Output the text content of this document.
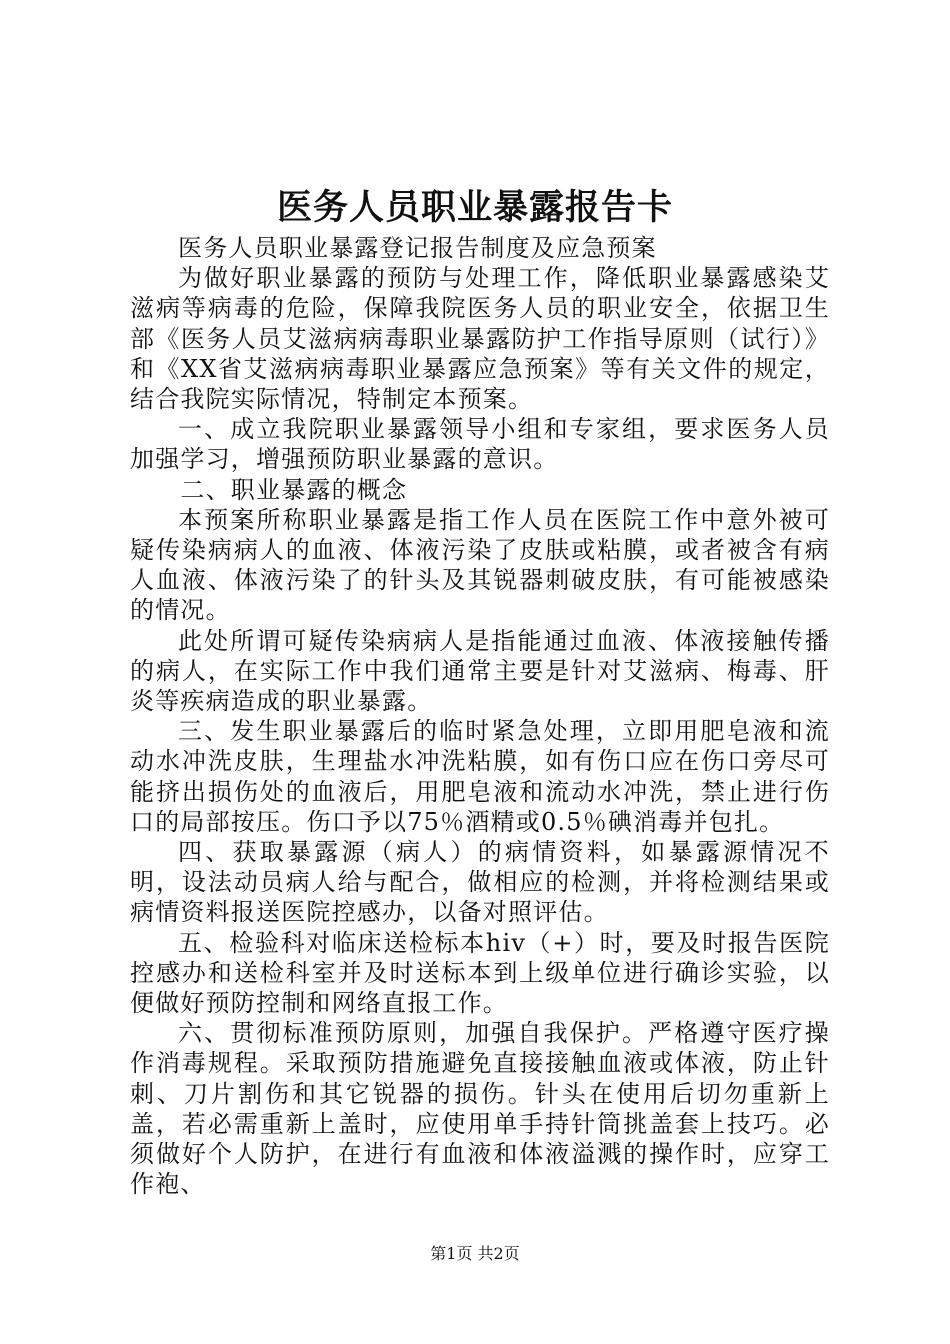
医务人员职业暴露报告卡

医务人员职业暴露登记报告制度及应急预案

为做好职业暴露的预防与处理工作，降低职业暴露感染艾滋病等病毒的危险，保障我院医务人员的职业安全，依据卫生部《医务人员艾滋病病毒职业暴露防护工作指导原则（试行）》和《XX省艾滋病病毒职业暴露应急预案》等有关文件的规定，结合我院实际情况，特制定本预案。

一、成立我院职业暴露领导小组和专家组，要求医务人员加强学习，增强预防职业暴露的意识。

二、职业暴露的概念

本预案所称职业暴露是指工作人员在医院工作中意外被可疑传染病病人的血液、体液污染了皮肤或粘膜，或者被含有病人血液、体液污染了的针头及其锐器刺破皮肤，有可能被感染的情况。

此处所谓可疑传染病病人是指能通过血液、体液接触传播的病人，在实际工作中我们通常主要是针对艾滋病、梅毒、肝炎等疾病造成的职业暴露。

三、发生职业暴露后的临时紧急处理，立即用肥皂液和流动水冲洗皮肤，生理盐水冲洗粘膜，如有伤口应在伤口旁尽可能挤出损伤处的血液后，用肥皂液和流动水冲洗，禁止进行伤口的局部按压。伤口予以75％酒精或0.5％碘消毒并包扎。

四、获取暴露源（病人）的病情资料，如暴露源情况不明，设法动员病人给与配合，做相应的检测，并将检测结果或病情资料报送医院控感办，以备对照评估。

五、检验科对临床送检标本hiv（+）时，要及时报告医院控感办和送检科室并及时送标本到上级单位进行确诊实验，以便做好预防控制和网络直报工作。

六、贯彻标准预防原则，加强自我保护。严格遵守医疗操作消毒规程。采取预防措施避免直接接触血液或体液，防止针刺、刀片割伤和其它锐器的损伤。针头在使用后切勿重新上盖，若必需重新上盖时，应使用单手持针筒挑盖套上技巧。必须做好个人防护，在进行有血液和体液溢溅的操作时，应穿工作袍、

第1页 共2页
